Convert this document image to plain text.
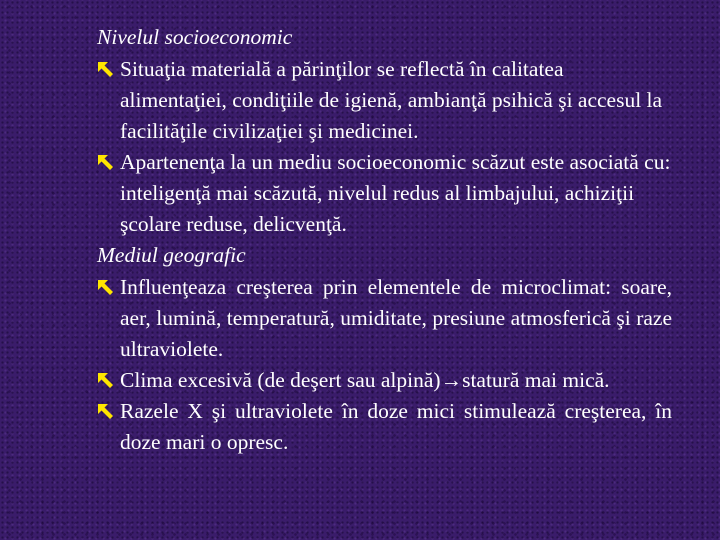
Nivelul socioeconomic

Situaţia materială a părinţilor se reflectă în calitatea alimentaţiei, condiţiile de igienă, ambianţă psihică şi accesul la facilităţile civilizaţiei şi medicinei.
Apartenenţa la un mediu socioeconomic scăzut este asociată cu: inteligenţă mai scăzută, nivelul redus al limbajului, achiziţii şcolare reduse, delicvenţă.

Mediul geografic

Influenţeaza creşterea prin elementele de microclimat: soare, aer, lumină, temperatură, umiditate, presiune atmosferică şi raze ultraviolete.
Clima excesivă (de deşert sau alpină)→statură mai mică.
Razele X şi ultraviolete în doze mici stimulează creşterea, în doze mari o opresc.
